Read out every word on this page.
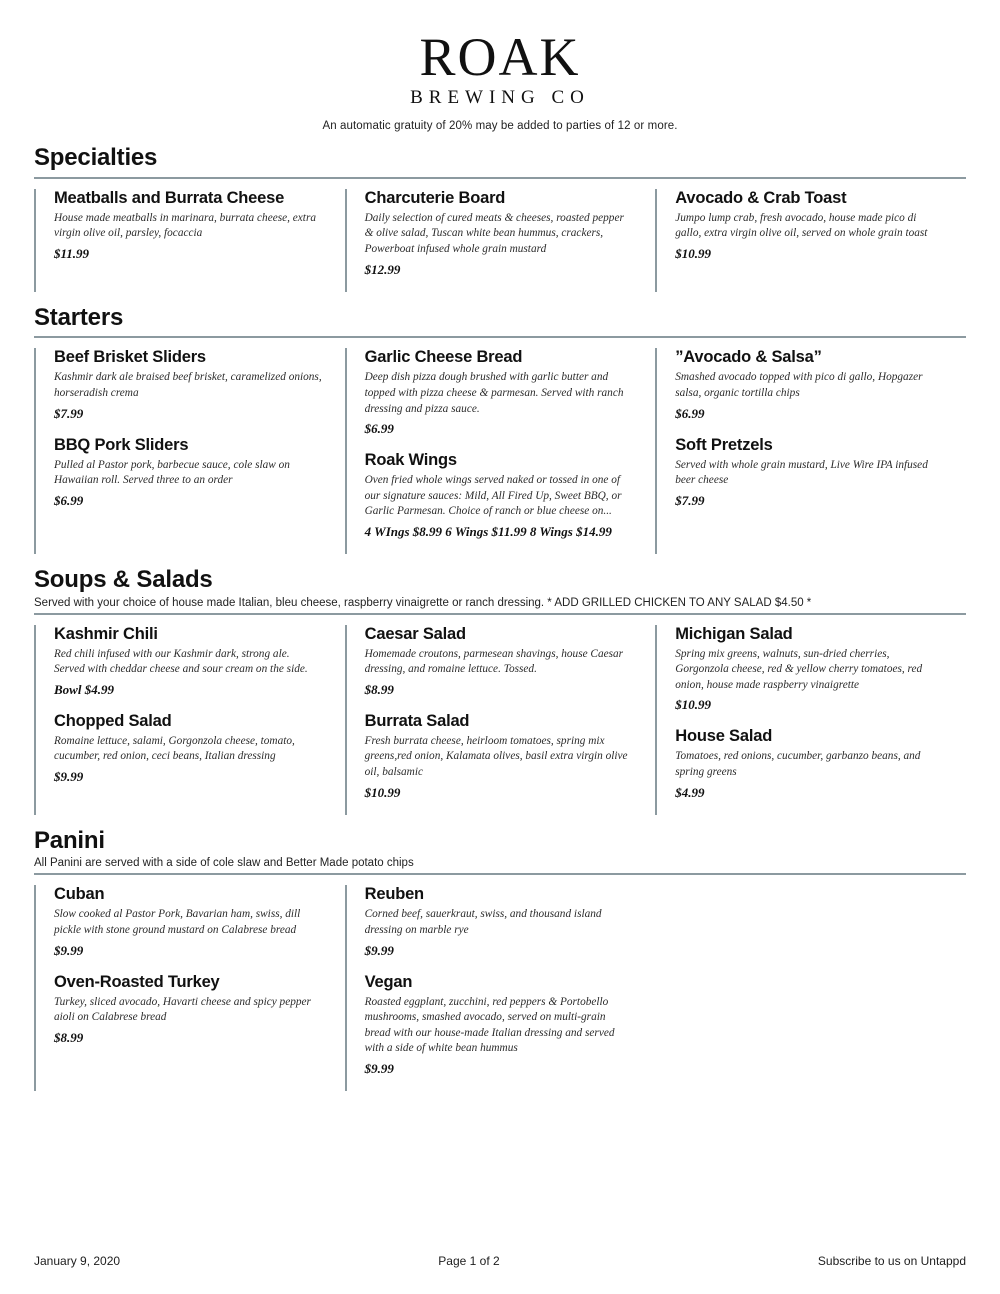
ROAK
BREWING CO
An automatic gratuity of 20% may be added to parties of 12 or more.
Specialties
Meatballs and Burrata Cheese
House made meatballs in marinara, burrata cheese, extra virgin olive oil, parsley, focaccia
$11.99
Charcuterie Board
Daily selection of cured meats & cheeses, roasted pepper & olive salad, Tuscan white bean hummus, crackers, Powerboat infused whole grain mustard
$12.99
Avocado & Crab Toast
Jumpo lump crab, fresh avocado, house made pico di gallo, extra virgin olive oil, served on whole grain toast
$10.99
Starters
Beef Brisket Sliders
Kashmir dark ale braised beef brisket, caramelized onions, horseradish crema
$7.99
BBQ Pork Sliders
Pulled al Pastor pork, barbecue sauce, cole slaw on Hawaiian roll. Served three to an order
$6.99
Garlic Cheese Bread
Deep dish pizza dough brushed with garlic butter and topped with pizza cheese & parmesan. Served with ranch dressing and pizza sauce.
$6.99
Roak Wings
Oven fried whole wings served naked or tossed in one of our signature sauces: Mild, All Fired Up, Sweet BBQ, or Garlic Parmesan. Choice of ranch or blue cheese on...
4 WIngs $8.99 6 Wings $11.99 8 Wings $14.99
”Avocado & Salsa”
Smashed avocado topped with pico di gallo, Hopgazer salsa, organic tortilla chips
$6.99
Soft Pretzels
Served with whole grain mustard, Live Wire IPA infused beer cheese
$7.99
Soups & Salads
Served with your choice of house made Italian, bleu cheese, raspberry vinaigrette or ranch dressing. * ADD GRILLED CHICKEN TO ANY SALAD $4.50 *
Kashmir Chili
Red chili infused with our Kashmir dark, strong ale. Served with cheddar cheese and sour cream on the side.
Bowl $4.99
Chopped Salad
Romaine lettuce, salami, Gorgonzola cheese, tomato, cucumber, red onion, ceci beans, Italian dressing
$9.99
Caesar Salad
Homemade croutons, parmesean shavings, house Caesar dressing, and romaine lettuce. Tossed.
$8.99
Burrata Salad
Fresh burrata cheese, heirloom tomatoes, spring mix greens,red onion, Kalamata olives, basil extra virgin olive oil, balsamic
$10.99
Michigan Salad
Spring mix greens, walnuts, sun-dried cherries, Gorgonzola cheese, red & yellow cherry tomatoes, red onion, house made raspberry vinaigrette
$10.99
House Salad
Tomatoes, red onions, cucumber, garbanzo beans, and spring greens
$4.99
Panini
All Panini are served with a side of cole slaw and Better Made potato chips
Cuban
Slow cooked al Pastor Pork, Bavarian ham, swiss, dill pickle with stone ground mustard on Calabrese bread
$9.99
Oven-Roasted Turkey
Turkey, sliced avocado, Havarti cheese and spicy pepper aioli on Calabrese bread
$8.99
Reuben
Corned beef, sauerkraut, swiss, and thousand island dressing on marble rye
$9.99
Vegan
Roasted eggplant, zucchini, red peppers & Portobello mushrooms, smashed avocado, served on multi-grain bread with our house-made Italian dressing and served with a side of white bean hummus
$9.99
January 9, 2020	Page 1 of 2	Subscribe to us on Untappd
